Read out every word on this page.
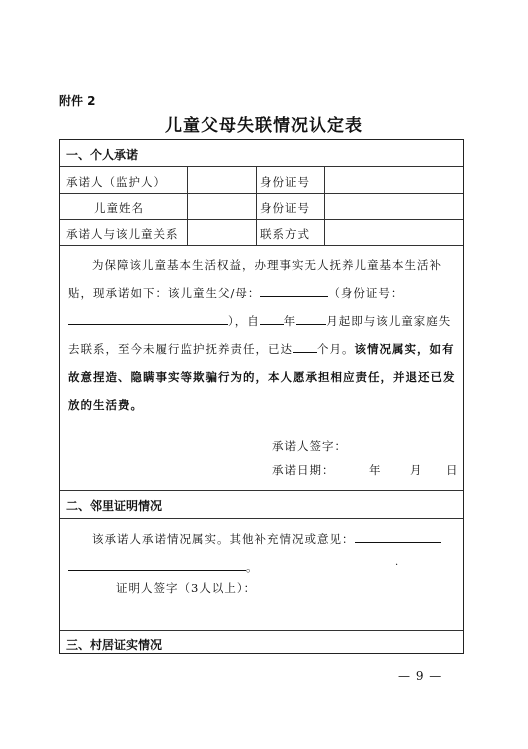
附件 2
儿童父母失联情况认定表
一、个人承诺
承诺人（监护人）	身份证号
儿童姓名	身份证号
承诺人与该儿童关系	联系方式
为保障该儿童基本生活权益，办理事实无人抚养儿童基本生活补贴，现承诺如下：该儿童生父/母：	（身份证号：），自 年	月起即与该儿童家庭失去联系，至今未履行监护抚养责任，已达 个月。该情况属实，如有故意捏造、隐瞒事实等欺骗行为的，本人愿承担相应责任，并退还已发放的生活费。
承诺人签字：
承诺日期：	年 月 日
二、邻里证明情况
该承诺人承诺情况属实。其他补充情况或意见：。	.
证明人签字（3人以上）：
三、村居证实情况
— 9 —
